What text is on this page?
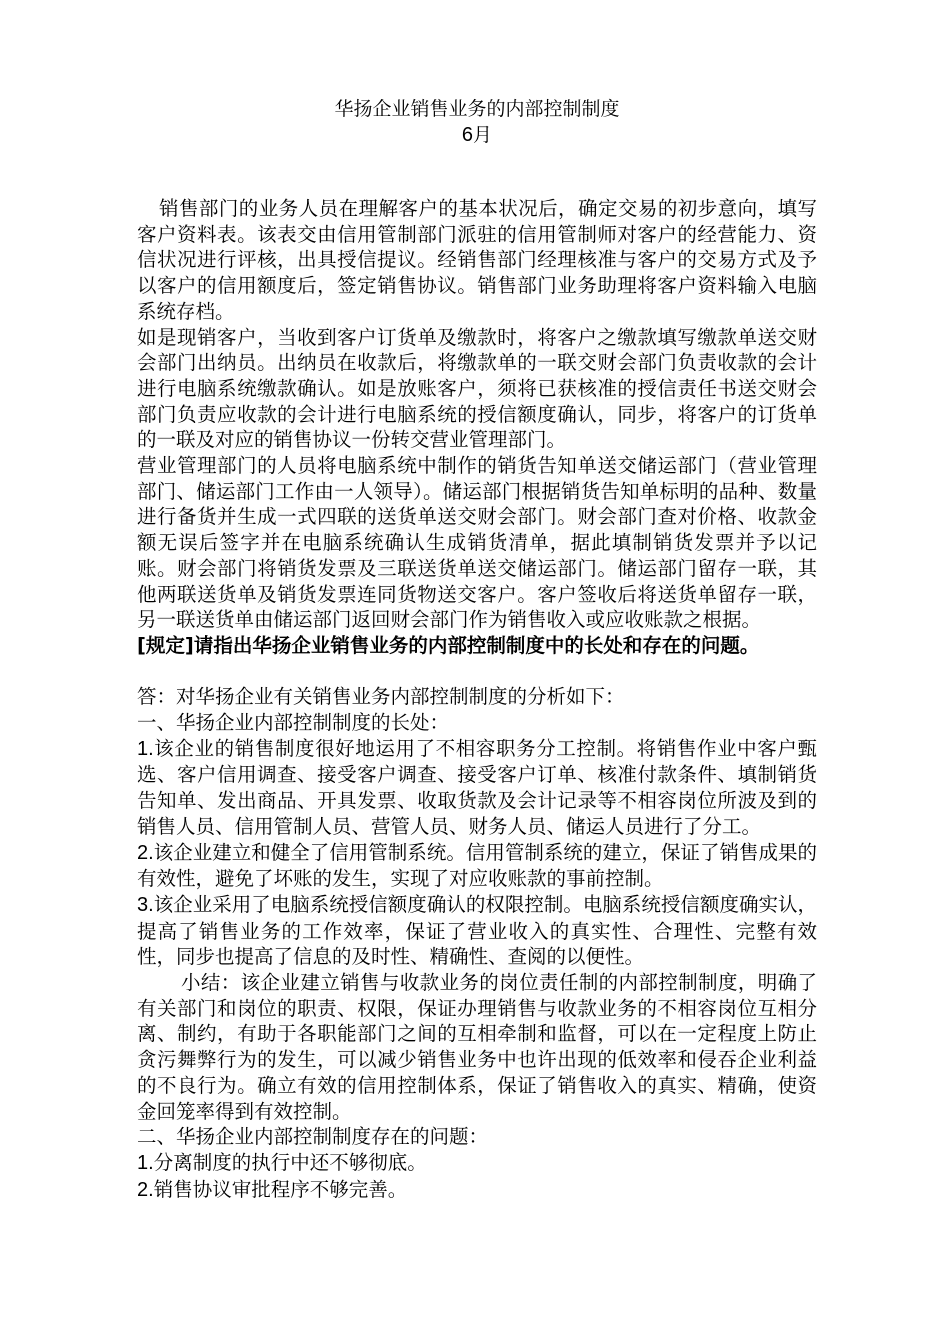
华扬企业销售业务的内部控制制度
6月

销售部门的业务人员在理解客户的基本状况后，确定交易的初步意向，填写客户资料表。该表交由信用管制部门派驻的信用管制师对客户的经营能力、资信状况进行评核，出具授信提议。经销售部门经理核准与客户的交易方式及予以客户的信用额度后，签定销售协议。销售部门业务助理将客户资料输入电脑系统存档。

如是现销客户，当收到客户订货单及缴款时，将客户之缴款填写缴款单送交财会部门出纳员。出纳员在收款后，将缴款单的一联交财会部门负责收款的会计进行电脑系统缴款确认。如是放账客户，须将已获核准的授信责任书送交财会部门负责应收款的会计进行电脑系统的授信额度确认，同步，将客户的订货单的一联及对应的销售协议一份转交营业管理部门。

营业管理部门的人员将电脑系统中制作的销货告知单送交储运部门（营业管理部门、储运部门工作由一人领导）。储运部门根据销货告知单标明的品种、数量进行备货并生成一式四联的送货单送交财会部门。财会部门查对价格、收款金额无误后签字并在电脑系统确认生成销货清单，据此填制销货发票并予以记账。财会部门将销货发票及三联送货单送交储运部门。储运部门留存一联，其他两联送货单及销货发票连同货物送交客户。客户签收后将送货单留存一联，另一联送货单由储运部门返回财会部门作为销售收入或应收账款之根据。

[规定]请指出华扬企业销售业务的内部控制制度中的长处和存在的问题。

答：对华扬企业有关销售业务内部控制制度的分析如下：

一、华扬企业内部控制制度的长处：

1.该企业的销售制度很好地运用了不相容职务分工控制。将销售作业中客户甄选、客户信用调查、接受客户调查、接受客户订单、核准付款条件、填制销货告知单、发出商品、开具发票、收取货款及会计记录等不相容岗位所波及到的销售人员、信用管制人员、营管人员、财务人员、储运人员进行了分工。

2.该企业建立和健全了信用管制系统。信用管制系统的建立，保证了销售成果的有效性，避免了坏账的发生，实现了对应收账款的事前控制。

3.该企业采用了电脑系统授信额度确认的权限控制。电脑系统授信额度确实认，提高了销售业务的工作效率，保证了营业收入的真实性、合理性、完整有效性，同步也提高了信息的及时性、精确性、查阅的以便性。

小结：该企业建立销售与收款业务的岗位责任制的内部控制制度，明确了有关部门和岗位的职责、权限，保证办理销售与收款业务的不相容岗位互相分离、制约，有助于各职能部门之间的互相牵制和监督，可以在一定程度上防止贪污舞弊行为的发生，可以减少销售业务中也许出现的低效率和侵吞企业利益的不良行为。确立有效的信用控制体系，保证了销售收入的真实、精确，使资金回笼率得到有效控制。

二、华扬企业内部控制制度存在的问题：

1.分离制度的执行中还不够彻底。

2.销售协议审批程序不够完善。
